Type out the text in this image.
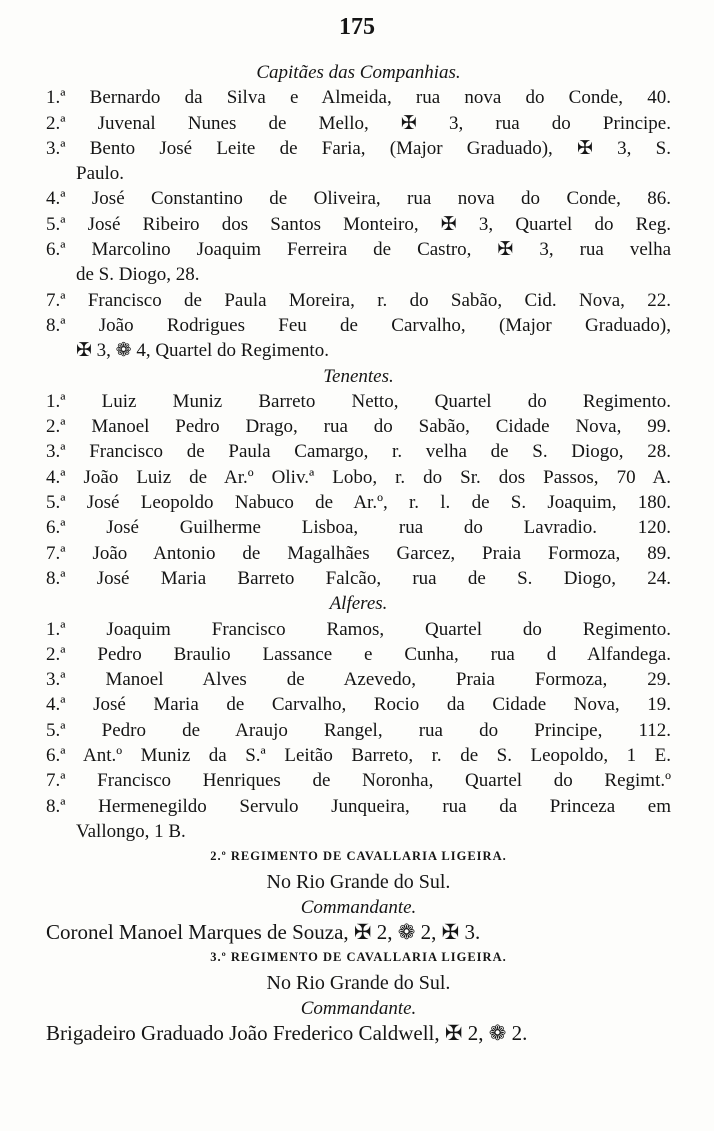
175
Capitães das Companhias.
1.ª Bernardo da Silva e Almeida, rua nova do Conde, 40.
2.ª Juvenal Nunes de Mello, ✠ 3, rua do Principe.
3.ª Bento José Leite de Faria, (Major Graduado), ✠ 3, S.
Paulo.
4.ª José Constantino de Oliveira, rua nova do Conde, 86.
5.ª José Ribeiro dos Santos Monteiro, ✠ 3, Quartel do Reg.
6.ª Marcolino Joaquim Ferreira de Castro, ✠ 3, rua velha
de S. Diogo, 28.
7.ª Francisco de Paula Moreira, r. do Sabão, Cid. Nova, 22.
8.ª João Rodrigues Feu de Carvalho, (Major Graduado),
✠ 3, ❁ 4, Quartel do Regimento.
Tenentes.
1.ª Luiz Muniz Barreto Netto, Quartel do Regimento.
2.ª Manoel Pedro Drago, rua do Sabão, Cidade Nova, 99.
3.ª Francisco de Paula Camargo, r. velha de S. Diogo, 28.
4.ª João Luiz de Ar.º Oliv.ª Lobo, r. do Sr. dos Passos, 70 A.
5.ª José Leopoldo Nabuco de Ar.º, r. l. de S. Joaquim, 180.
6.ª José Guilherme Lisboa, rua do Lavradio. 120.
7.ª João Antonio de Magalhães Garcez, Praia Formoza, 89.
8.ª José Maria Barreto Falcão, rua de S. Diogo, 24.
Alferes.
1.ª Joaquim Francisco Ramos, Quartel do Regimento.
2.ª Pedro Braulio Lassance e Cunha, rua d Alfandega.
3.ª Manoel Alves de Azevedo, Praia Formoza, 29.
4.ª José Maria de Carvalho, Rocio da Cidade Nova, 19.
5.ª Pedro de Araujo Rangel, rua do Principe, 112.
6.ª Ant.º Muniz da S.ª Leitão Barreto, r. de S. Leopoldo, 1 E.
7.ª Francisco Henriques de Noronha, Quartel do Regimt.º
8.ª Hermenegildo Servulo Junqueira, rua da Princeza em
Vallongo, 1 B.
2.º REGIMENTO DE CAVALLARIA LIGEIRA.
No Rio Grande do Sul.
Commandante.
Coronel Manoel Marques de Souza, ✠ 2, ❁ 2, ✠ 3.
3.º REGIMENTO DE CAVALLARIA LIGEIRA.
No Rio Grande do Sul.
Commandante.
Brigadeiro Graduado João Frederico Caldwell, ✠ 2, ❁ 2.
